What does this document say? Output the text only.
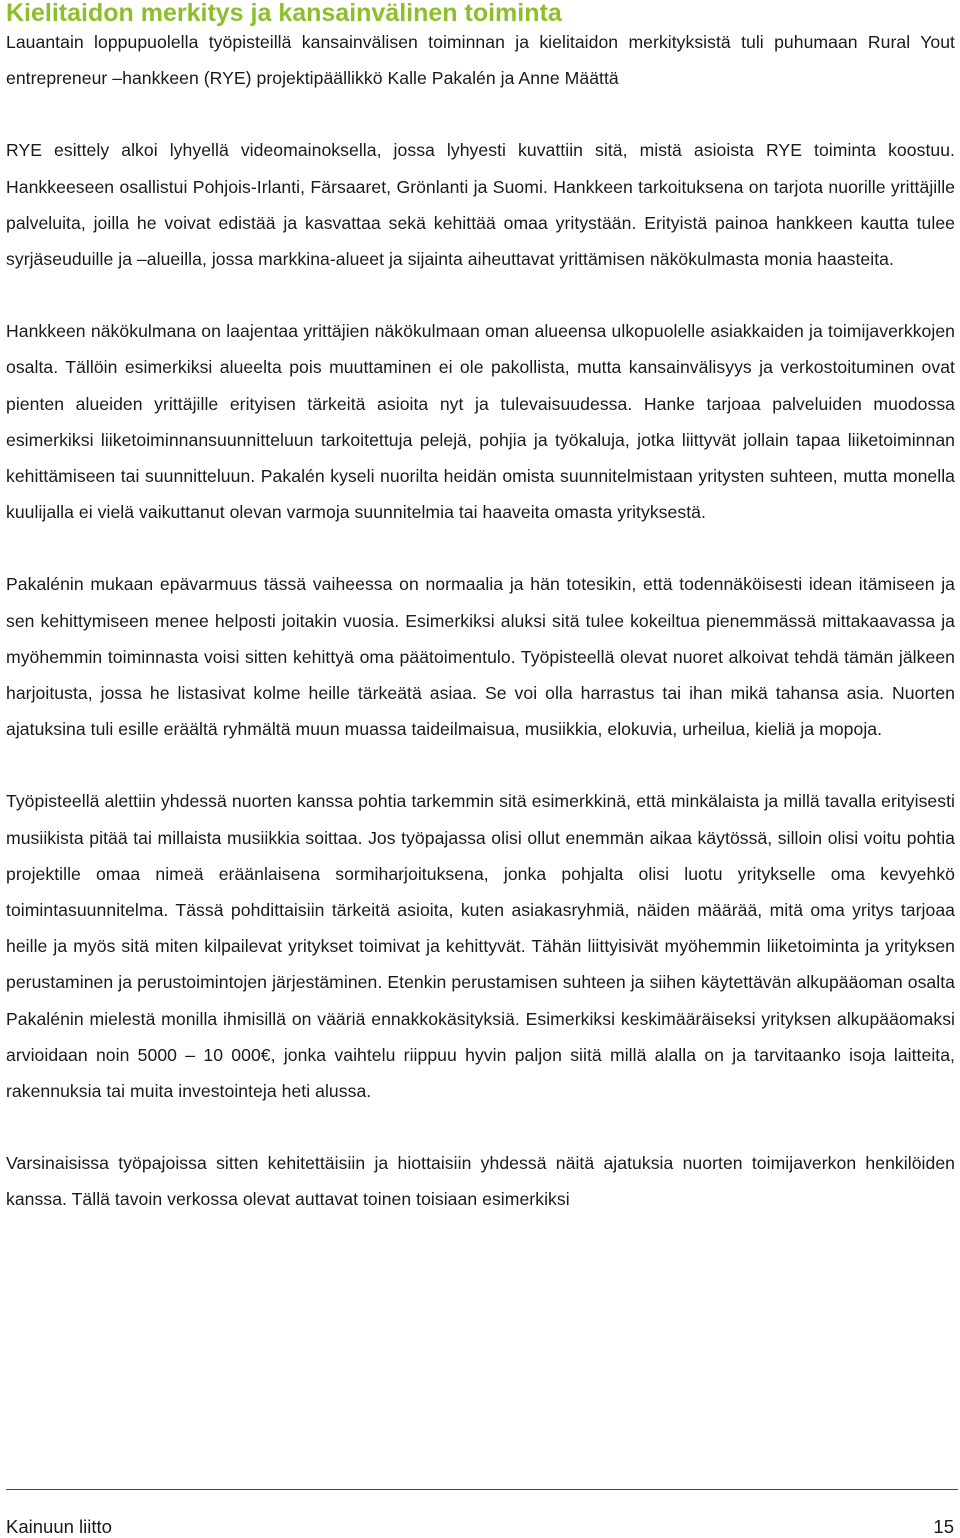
Kielitaidon merkitys ja kansainvälinen toiminta

Lauantain loppupuolella työpisteillä kansainvälisen toiminnan ja kielitaidon merkityksistä tuli puhumaan Rural Yout entrepreneur –hankkeen (RYE) projektipäällikkö Kalle Pakalén ja Anne Määttä

RYE esittely alkoi lyhyellä videomainoksella, jossa lyhyesti kuvattiin sitä, mistä asioista RYE toiminta koostuu. Hankkeeseen osallistui Pohjois-Irlanti, Färsaaret, Grönlanti ja Suomi. Hankkeen tarkoituksena on tarjota nuorille yrittäjille palveluita, joilla he voivat edistää ja kasvattaa sekä kehittää omaa yritystään. Erityistä painoa hankkeen kautta tulee syrjäseuduille ja –alueilla, jossa markkina-alueet ja sijainta aiheuttavat yrittämisen näkökulmasta monia haasteita.

Hankkeen näkökulmana on laajentaa yrittäjien näkökulmaan oman alueensa ulkopuolelle asiakkaiden ja toimijaverkkojen osalta. Tällöin esimerkiksi alueelta pois muuttaminen ei ole pakollista, mutta kansainvälisyys ja verkostoituminen ovat pienten alueiden yrittäjille erityisen tärkeitä asioita nyt ja tulevaisuudessa. Hanke tarjoaa palveluiden muodossa esimerkiksi liiketoiminnansuunnitteluun tarkoitettuja pelejä, pohjia ja työkaluja, jotka liittyvät jollain tapaa liiketoiminnan kehittämiseen tai suunnitteluun. Pakalén kyseli nuorilta heidän omista suunnitelmistaan yritysten suhteen, mutta monella kuulijalla ei vielä vaikuttanut olevan varmoja suunnitelmia tai haaveita omasta yrityksestä.

Pakalénin mukaan epävarmuus tässä vaiheessa on normaalia ja hän totesikin, että todennäköisesti idean itämiseen ja sen kehittymiseen menee helposti joitakin vuosia. Esimerkiksi aluksi sitä tulee kokeiltua pienemmässä mittakaavassa ja myöhemmin toiminnasta voisi sitten kehittyä oma päätoimentulo. Työpisteellä olevat nuoret alkoivat tehdä tämän jälkeen harjoitusta, jossa he listasivat kolme heille tärkeätä asiaa. Se voi olla harrastus tai ihan mikä tahansa asia. Nuorten ajatuksina tuli esille eräältä ryhmältä muun muassa taideilmaisua, musiikkia, elokuvia, urheilua, kieliä ja mopoja.

Työpisteellä alettiin yhdessä nuorten kanssa pohtia tarkemmin sitä esimerkkinä, että minkälaista ja millä tavalla erityisesti musiikista pitää tai millaista musiikkia soittaa. Jos työpajassa olisi ollut enemmän aikaa käytössä, silloin olisi voitu pohtia projektille omaa nimeä eräänlaisena sormiharjoituksena, jonka pohjalta olisi luotu yritykselle oma kevyehkö toimintasuunnitelma. Tässä pohdittaisiin tärkeitä asioita, kuten asiakasryhmiä, näiden määrää, mitä oma yritys tarjoaa heille ja myös sitä miten kilpailevat yritykset toimivat ja kehittyvät. Tähän liittyisivät myöhemmin liiketoiminta ja yrityksen perustaminen ja perustoimintojen järjestäminen. Etenkin perustamisen suhteen ja siihen käytettävän alkupääoman osalta Pakalénin mielestä monilla ihmisillä on vääriä ennakkokäsityksiä. Esimerkiksi keskimääräiseksi yrityksen alkupääomaksi arvioidaan noin 5000 – 10 000€, jonka vaihtelu riippuu hyvin paljon siitä millä alalla on ja tarvitaanko isoja laitteita, rakennuksia tai muita investointeja heti alussa.

Varsinaisissa työpajoissa sitten kehitettäisiin ja hiottaisiin yhdessä näitä ajatuksia nuorten toimijaverkon henkilöiden kanssa. Tällä tavoin verkossa olevat auttavat toinen toisiaan esimerkiksi

Kainuun liitto	15
